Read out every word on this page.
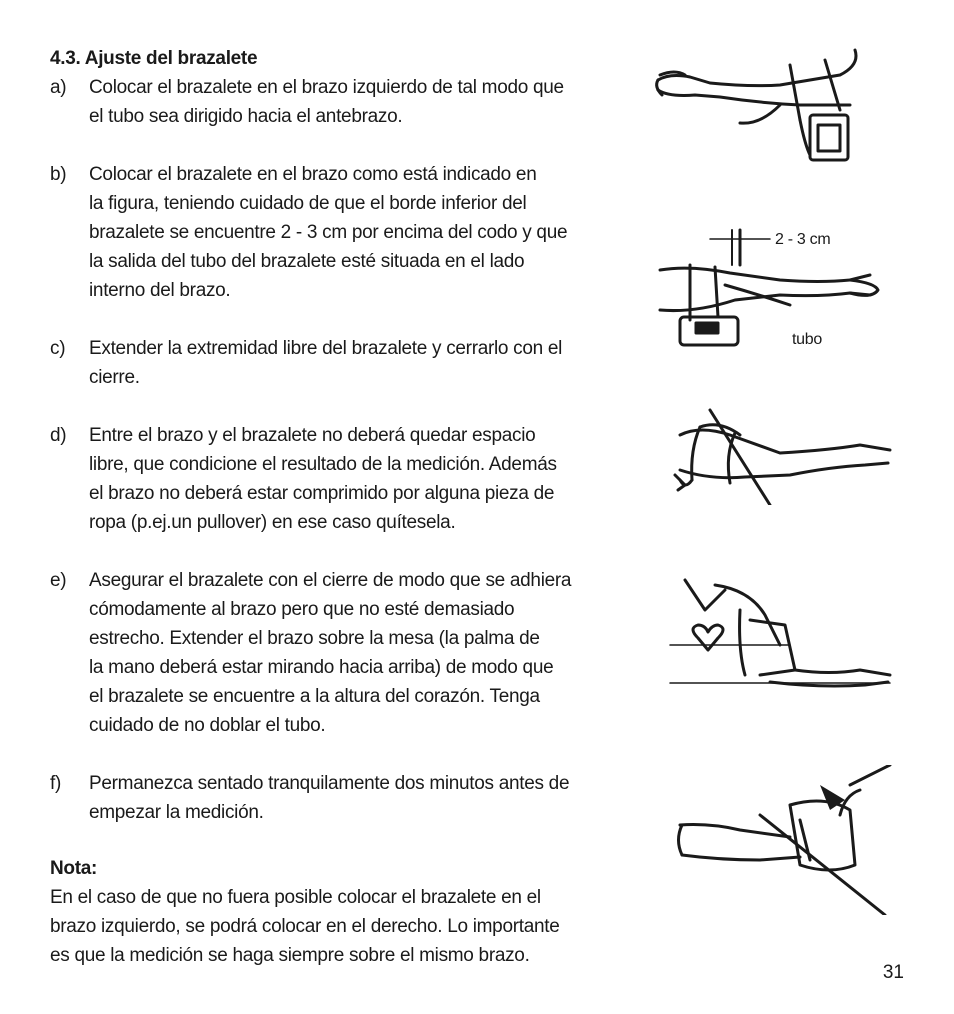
4.3. Ajuste del brazalete

a)	Colocar el brazalete en el brazo izquierdo de tal modo que
el tubo sea dirigido hacia el antebrazo.
b)	Colocar el brazalete en el brazo como está indicado en
la figura, teniendo cuidado de que el borde inferior del
brazalete se encuentre 2 - 3 cm por encima del codo y que
la salida del tubo del brazalete esté situada en el lado
interno del brazo.
c)	Extender la extremidad libre del brazalete y cerrarlo con el
cierre.
d)	Entre el brazo y el brazalete no deberá quedar espacio
libre, que condicione el resultado de la medición. Además
el brazo no deberá estar comprimido por alguna pieza de
ropa (p.ej.un pullover) en ese caso quítesela.
e)	Asegurar el brazalete con el cierre de modo que se adhiera
cómodamente al brazo pero que no esté demasiado
estrecho. Extender el brazo sobre la mesa (la palma de
la mano deberá estar mirando hacia arriba) de modo que
el brazalete se encuentre a la altura del corazón. Tenga
cuidado de no doblar el tubo.
f)	Permanezca sentado tranquilamente dos minutos antes de
empezar la medición.
Nota:
En el caso de que no fuera posible colocar el brazalete en el
brazo izquierdo, se podrá colocar en el derecho. Lo importante
es que la medición se haga siempre sobre el mismo brazo.
2 - 3 cm
tubo
31
